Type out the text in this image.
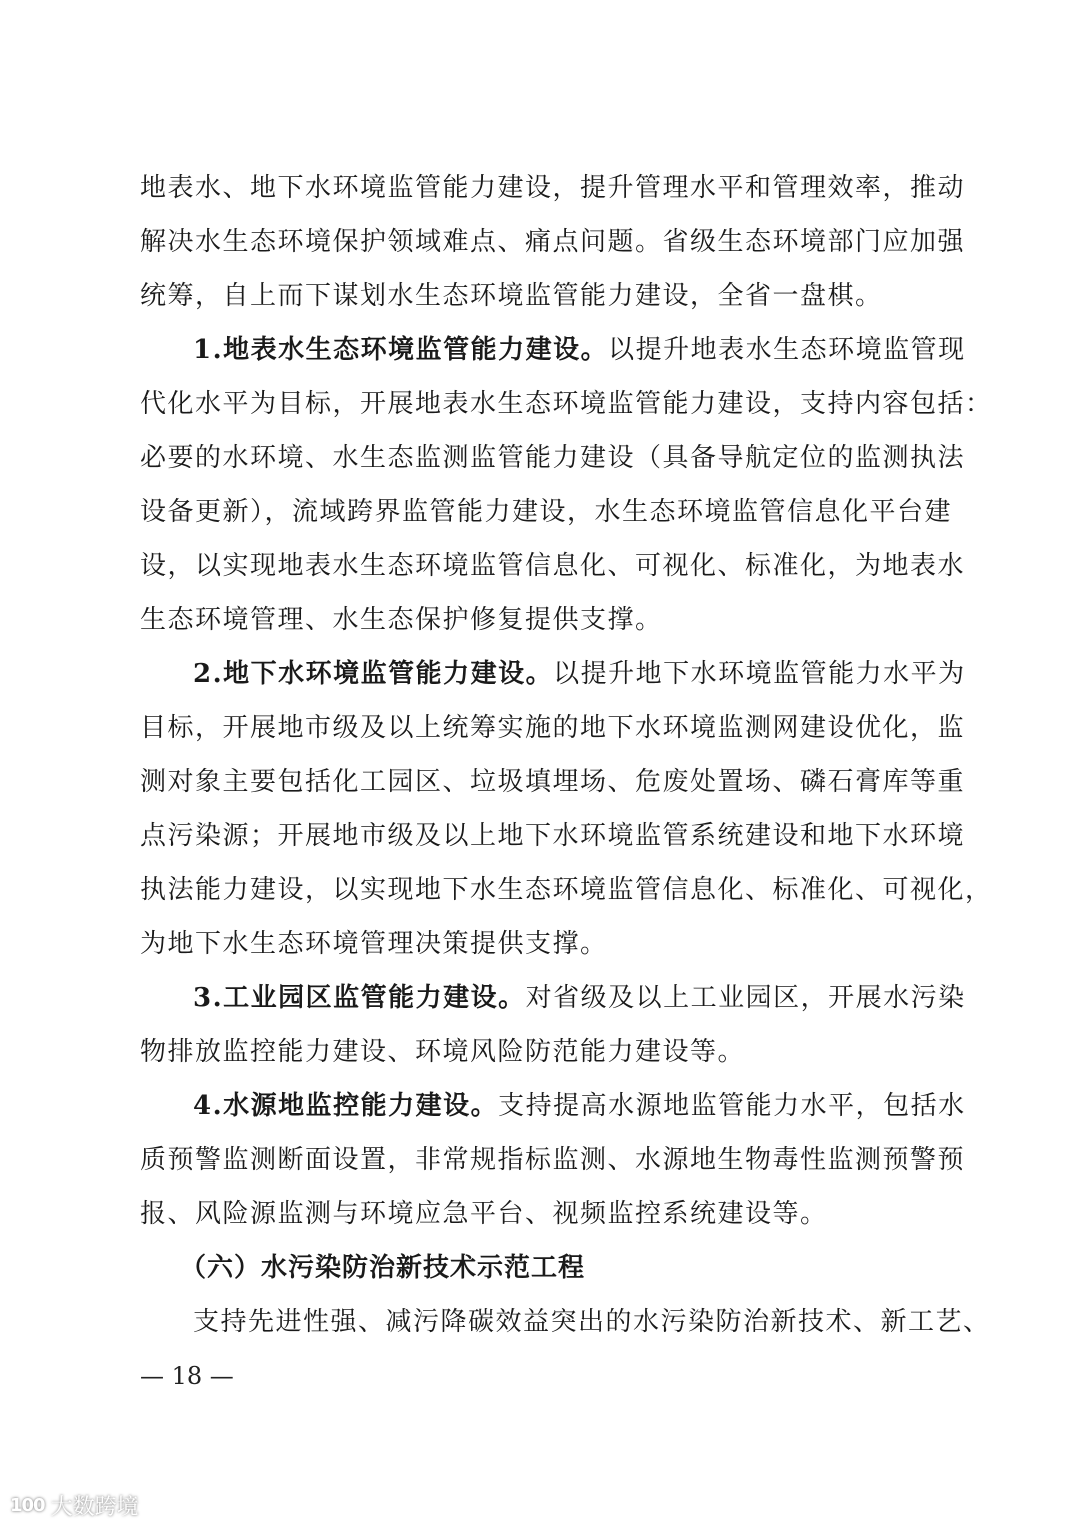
地表水、地下水环境监管能力建设，提升管理水平和管理效率，推动
解决水生态环境保护领域难点、痛点问题。省级生态环境部门应加强
统筹，自上而下谋划水生态环境监管能力建设，全省一盘棋。
1.地表水生态环境监管能力建设。以提升地表水生态环境监管现
代化水平为目标，开展地表水生态环境监管能力建设，支持内容包括：
必要的水环境、水生态监测监管能力建设（具备导航定位的监测执法
设备更新），流域跨界监管能力建设，水生态环境监管信息化平台建
设，以实现地表水生态环境监管信息化、可视化、标准化，为地表水
生态环境管理、水生态保护修复提供支撑。
2.地下水环境监管能力建设。以提升地下水环境监管能力水平为
目标，开展地市级及以上统筹实施的地下水环境监测网建设优化，监
测对象主要包括化工园区、垃圾填埋场、危废处置场、磷石膏库等重
点污染源；开展地市级及以上地下水环境监管系统建设和地下水环境
执法能力建设，以实现地下水生态环境监管信息化、标准化、可视化，
为地下水生态环境管理决策提供支撑。
3.工业园区监管能力建设。对省级及以上工业园区，开展水污染
物排放监控能力建设、环境风险防范能力建设等。
4.水源地监控能力建设。支持提高水源地监管能力水平，包括水
质预警监测断面设置，非常规指标监测、水源地生物毒性监测预警预
报、风险源监测与环境应急平台、视频监控系统建设等。
（六）水污染防治新技术示范工程
支持先进性强、减污降碳效益突出的水污染防治新技术、新工艺、
— 18 —
100 大数跨境
